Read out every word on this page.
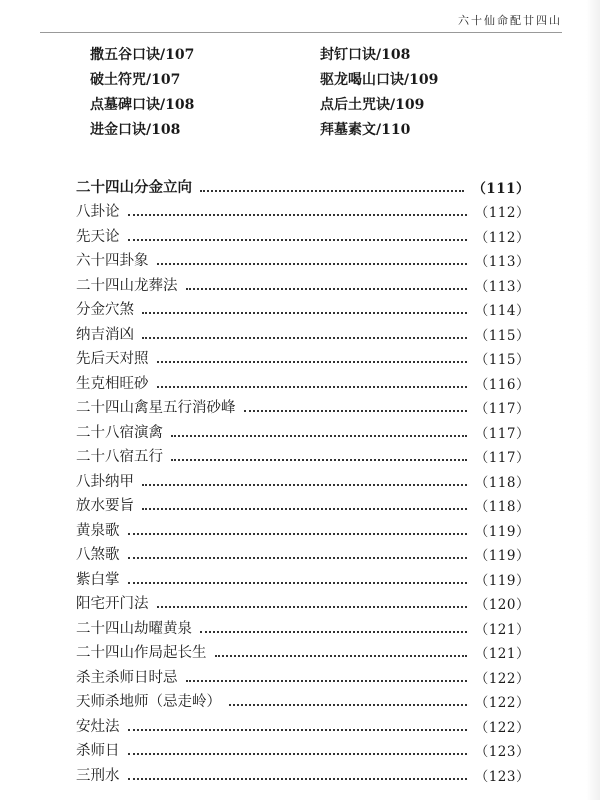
六十仙命配廿四山
撒五谷口诀/107	封钉口诀/108
破土符咒/107	驱龙喝山口诀/109
点墓碑口诀/108	点后土咒诀/109
进金口诀/108	拜墓素文/110
二十四山分金立向	（111）
八卦论	（112）
先天论	（112）
六十四卦象	（113）
二十四山龙葬法	（113）
分金穴煞	（114）
纳吉消凶	（115）
先后天对照	（115）
生克相旺砂	（116）
二十四山禽星五行消砂峰	（117）
二十八宿演禽	（117）
二十八宿五行	（117）
八卦纳甲	（118）
放水要旨	（118）
黄泉歌	（119）
八煞歌	（119）
紫白掌	（119）
阳宅开门法	（120）
二十四山劫曜黄泉	（121）
二十四山作局起长生	（121）
杀主杀师日时忌	（122）
天师杀地师（忌走岭）	（122）
安灶法	（122）
杀师日	（123）
三刑水	（123）
